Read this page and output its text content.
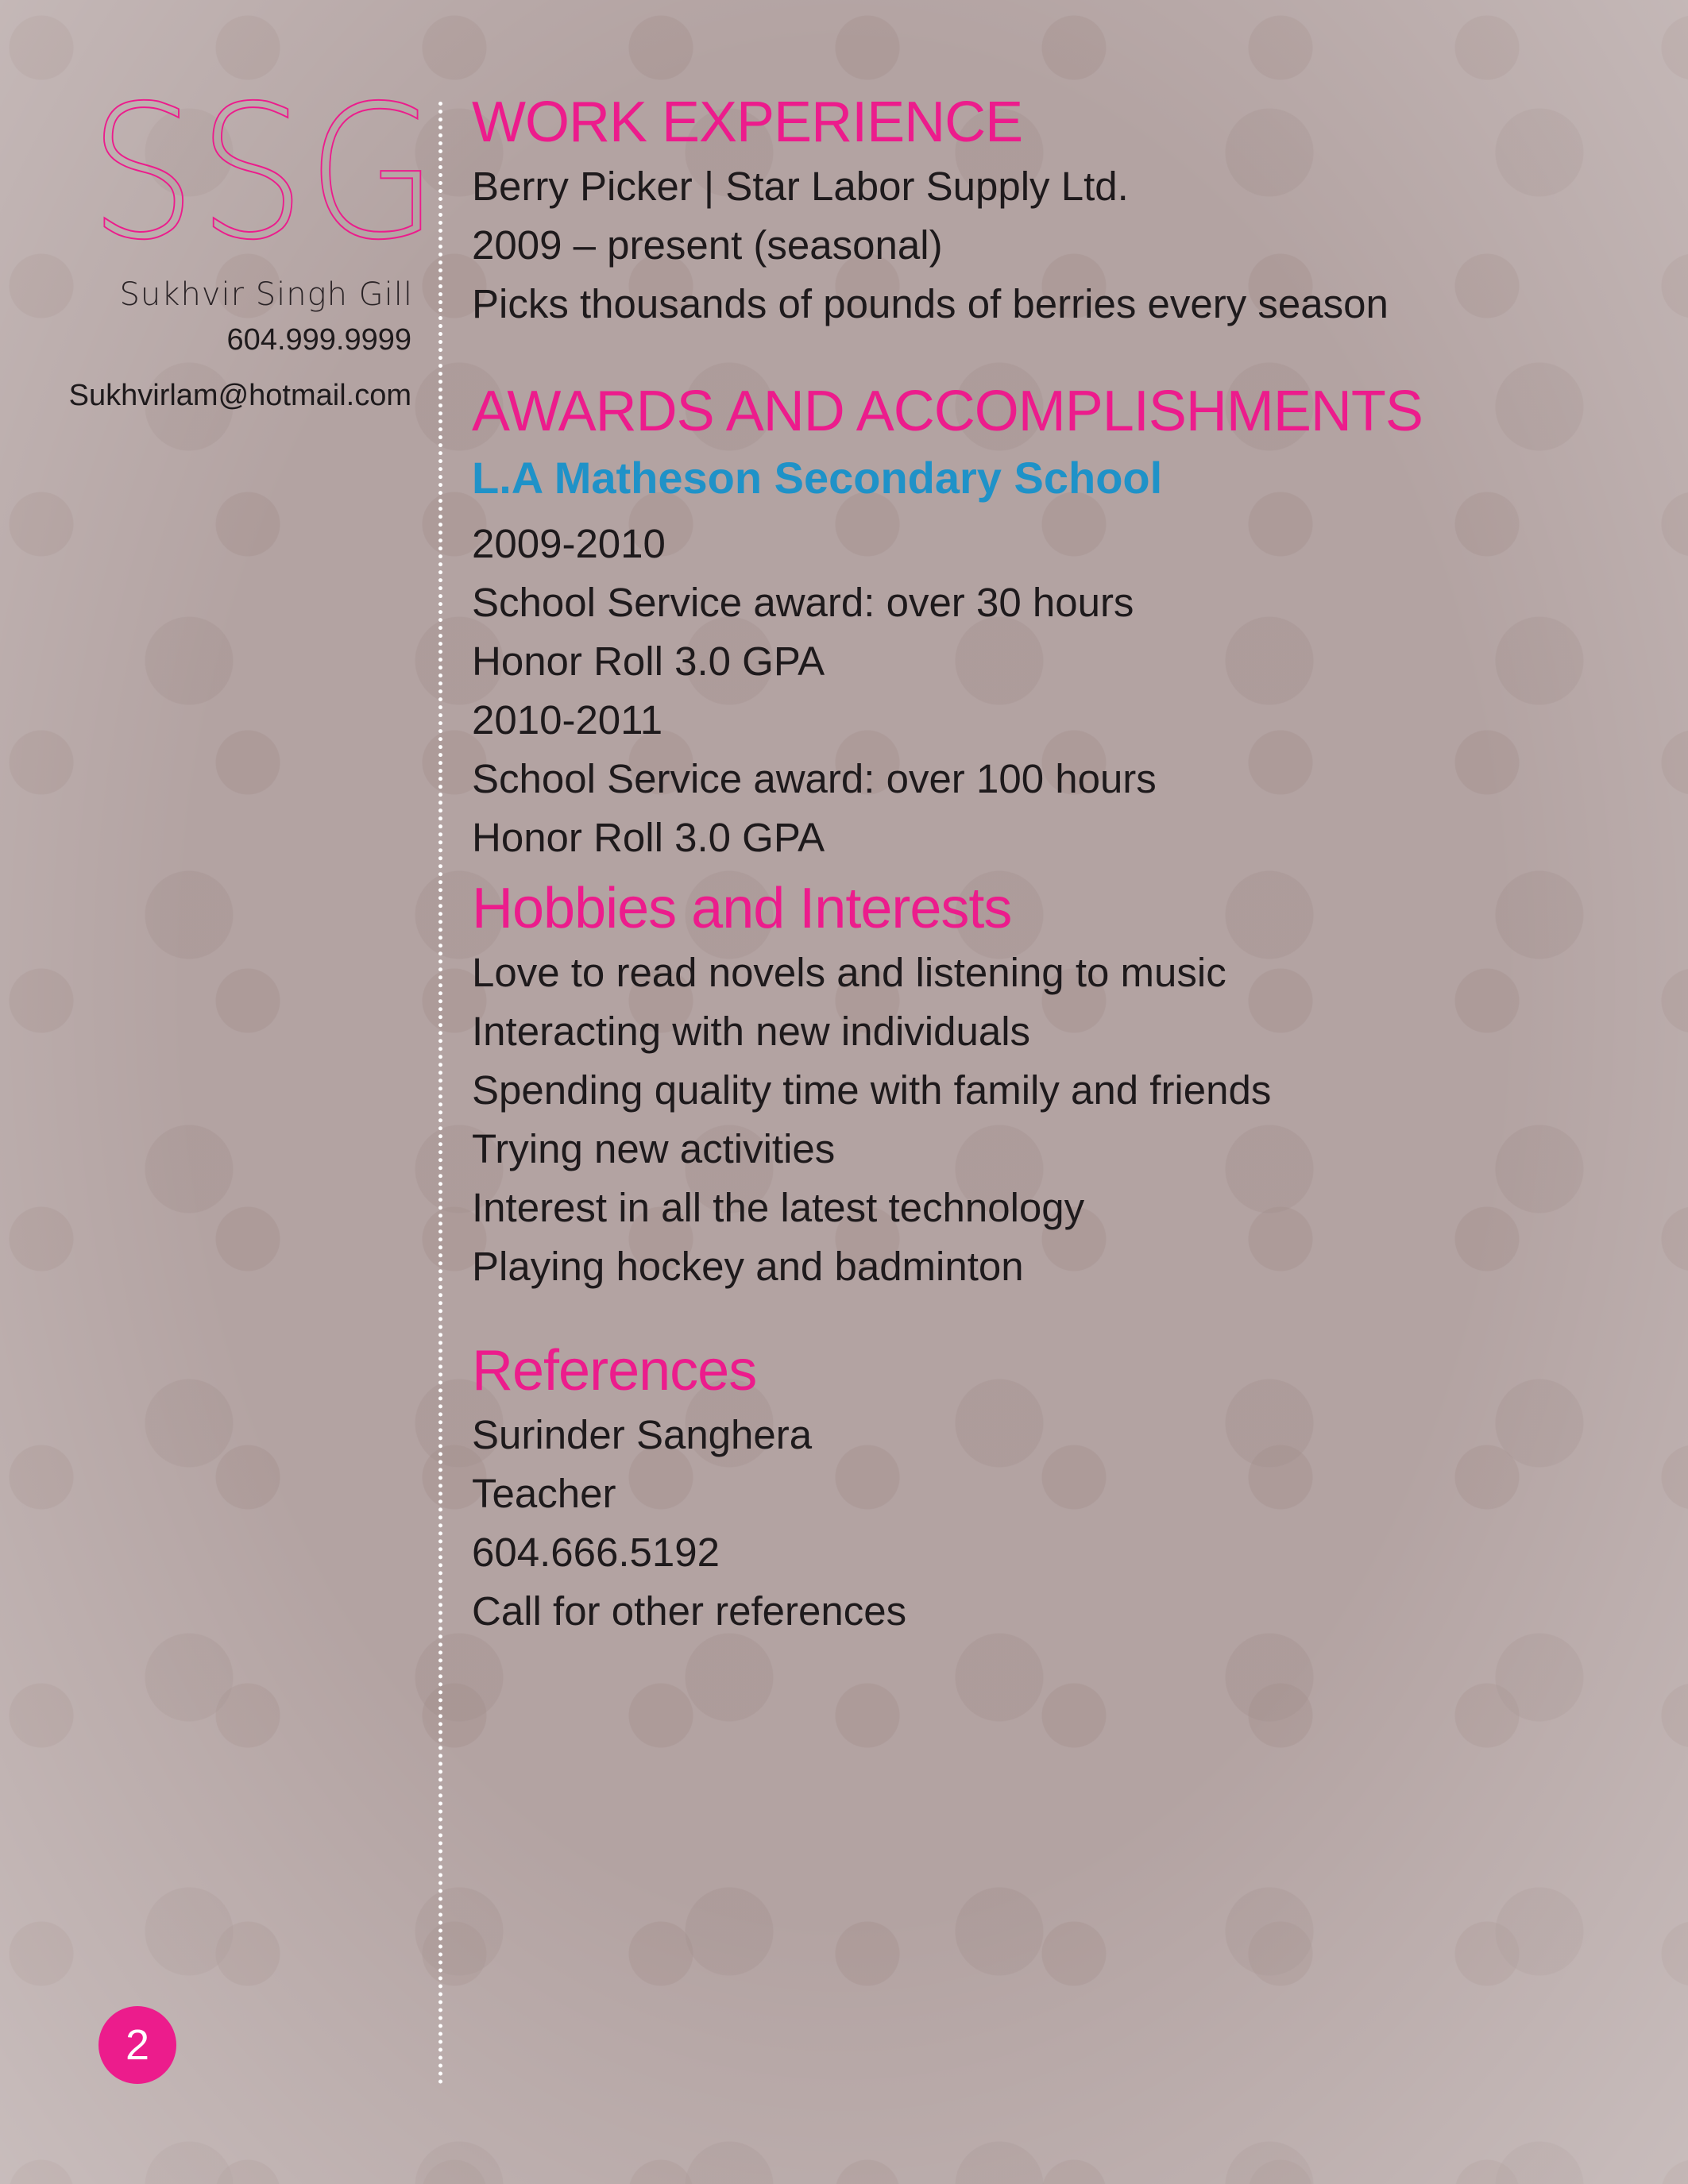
SSG
Sukhvir Singh Gill
604.999.9999
Sukhvirlam@hotmail.com
2
WORK EXPERIENCE

Berry Picker | Star Labor Supply Ltd.

2009 – present (seasonal)

Picks thousands of pounds of berries every season

AWARDS AND ACCOMPLISHMENTS
L.A Matheson Secondary School

2009-2010

School Service award: over 30 hours

Honor Roll 3.0 GPA

2010-2011

School Service award: over 100 hours

Honor Roll 3.0 GPA

Hobbies and Interests

Love to read novels and listening to music

Interacting with new individuals

Spending quality time with family and friends

Trying new activities

Interest in all the latest technology

Playing hockey and badminton

References

Surinder Sanghera

Teacher

604.666.5192

Call for other references
